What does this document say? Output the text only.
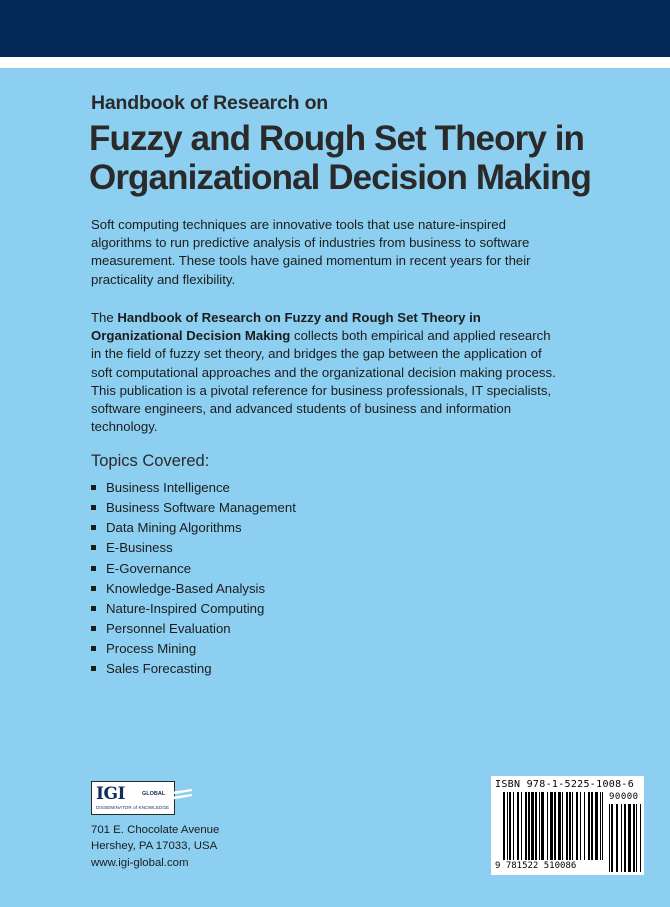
Handbook of Research on
Fuzzy and Rough Set Theory in
Organizational Decision Making

Soft computing techniques are innovative tools that use nature-inspired algorithms to run predictive analysis of industries from business to software measurement. These tools have gained momentum in recent years for their practicality and flexibility.

The Handbook of Research on Fuzzy and Rough Set Theory in Organizational Decision Making collects both empirical and applied research in the field of fuzzy set theory, and bridges the gap between the application of soft computational approaches and the organizational decision making process. This publication is a pivotal reference for business professionals, IT specialists, software engineers, and advanced students of business and information technology.

Topics Covered:
Business Intelligence
Business Software Management
Data Mining Algorithms
E-Business
E-Governance
Knowledge-Based Analysis
Nature-Inspired Computing
Personnel Evaluation
Process Mining
Sales Forecasting
IGI	GLOBAL
DISSEMINATOR of KNOWLEDGE
701 E. Chocolate Avenue
Hershey, PA 17033, USA
www.igi-global.com
ISBN 978-1-5225-1008-6
90000
9 781522 510086
